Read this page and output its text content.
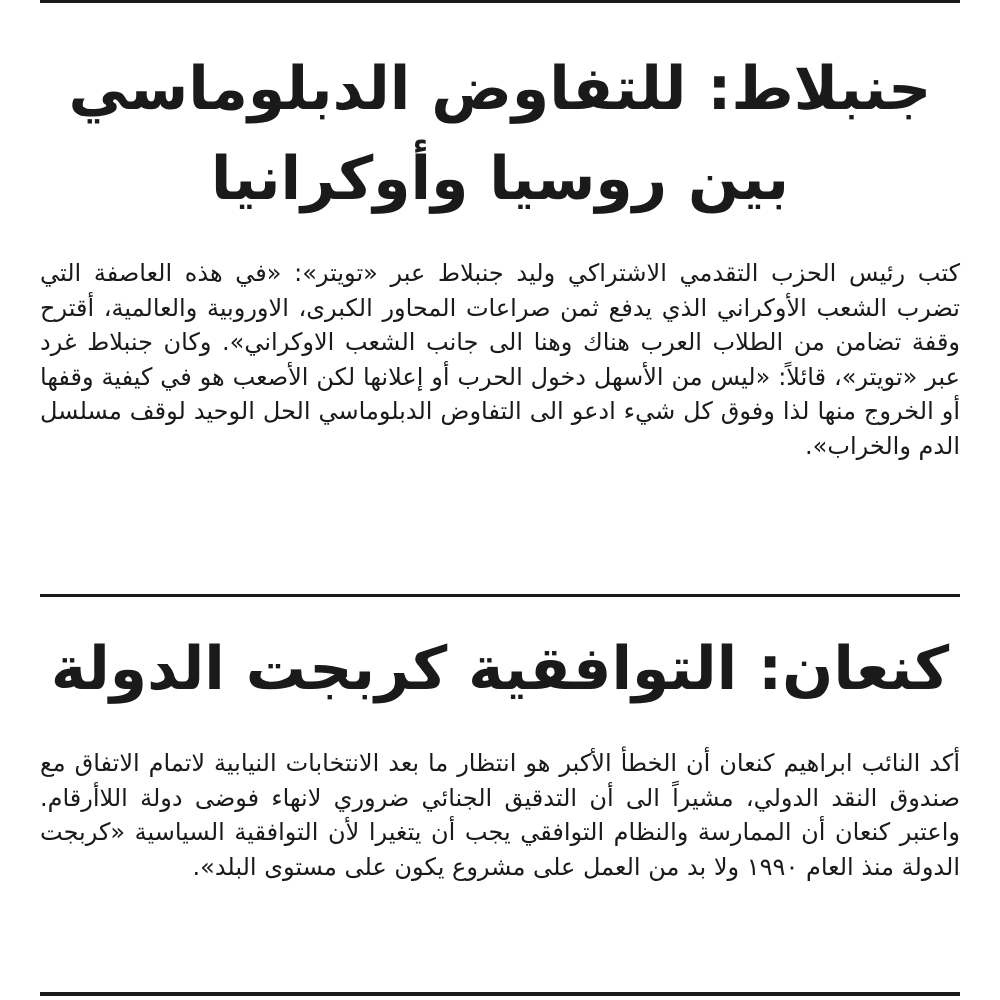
جنبلاط: للتفاوض الدبلوماسي
بين روسيا وأوكرانيا

كتب رئيس الحزب التقدمي الاشتراكي وليد جنبلاط عبر «تويتر»: «في هذه العاصفة التي تضرب الشعب الأوكراني الذي يدفع ثمن صراعات المحاور الكبرى، الاوروبية والعالمية، أقترح وقفة تضامن من الطلاب العرب هناك وهنا الى جانب الشعب الاوكراني». وكان جنبلاط غرد عبر «تويتر»، قائلاً: «ليس من الأسهل دخول الحرب أو إعلانها لكن الأصعب هو في كيفية وقفها أو الخروج منها لذا وفوق كل شيء ادعو الى التفاوض الدبلوماسي الحل الوحيد لوقف مسلسل الدم والخراب».

كنعان: التوافقية كربجت الدولة

أكد النائب ابراهيم كنعان أن الخطأ الأكبر هو انتظار ما بعد الانتخابات النيابية لاتمام الاتفاق مع صندوق النقد الدولي، مشيراً الى أن التدقيق الجنائي ضروري لانهاء فوضى دولة اللاأرقام. واعتبر كنعان أن الممارسة والنظام التوافقي يجب أن يتغيرا لأن التوافقية السياسية «كربجت الدولة منذ العام ١٩٩٠ ولا بد من العمل على مشروع يكون على مستوى البلد».
